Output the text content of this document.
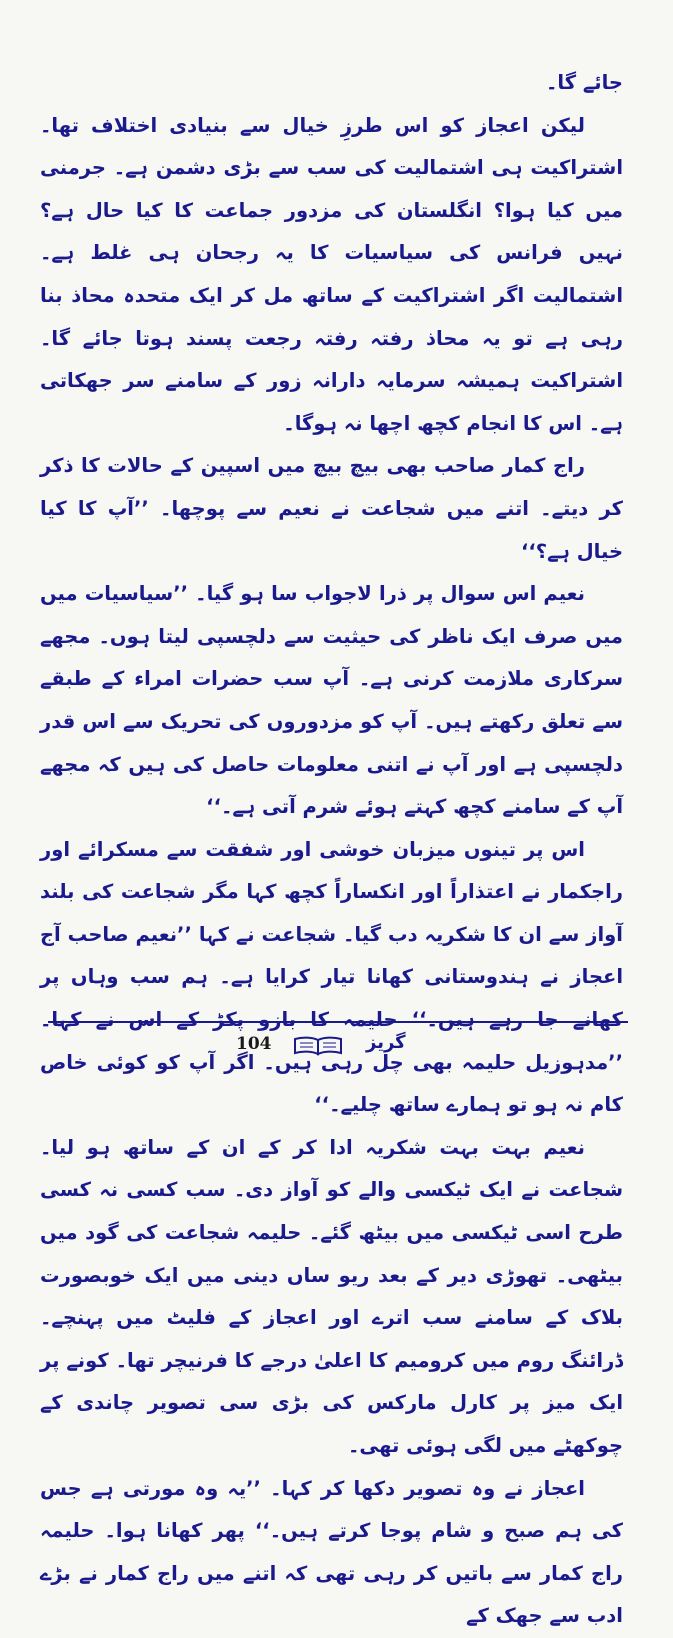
جائے گا۔

لیکن اعجاز کو اس طرزِ خیال سے بنیادی اختلاف تھا۔ اشتراکیت ہی اشتمالیت کی سب سے بڑی دشمن ہے۔ جرمنی میں کیا ہوا؟ انگلستان کی مزدور جماعت کا کیا حال ہے؟ نہیں فرانس کی سیاسیات کا یہ رجحان ہی غلط ہے۔ اشتمالیت اگر اشتراکیت کے ساتھ مل کر ایک متحدہ محاذ بنا رہی ہے تو یہ محاذ رفتہ رفتہ رجعت پسند ہوتا جائے گا۔ اشتراکیت ہمیشہ سرمایہ دارانہ زور کے سامنے سر جھکاتی ہے۔ اس کا انجام کچھ اچھا نہ ہوگا۔

راج کمار صاحب بھی بیچ بیچ میں اسپین کے حالات کا ذکر کر دیتے۔ اتنے میں شجاعت نے نعیم سے پوچھا۔ ’’آپ کا کیا خیال ہے؟‘‘

نعیم اس سوال پر ذرا لاجواب سا ہو گیا۔ ’’سیاسیات میں میں صرف ایک ناظر کی حیثیت سے دلچسپی لیتا ہوں۔ مجھے سرکاری ملازمت کرنی ہے۔ آپ سب حضرات امراء کے طبقے سے تعلق رکھتے ہیں۔ آپ کو مزدوروں کی تحریک سے اس قدر دلچسپی ہے اور آپ نے اتنی معلومات حاصل کی ہیں کہ مجھے آپ کے سامنے کچھ کہتے ہوئے شرم آتی ہے۔‘‘

اس پر تینوں میزبان خوشی اور شفقت سے مسکرائے اور راجکمار نے اعتذاراً اور انکساراً کچھ کہا مگر شجاعت کی بلند آواز سے ان کا شکریہ دب گیا۔ شجاعت نے کہا ’’نعیم صاحب آج اعجاز نے ہندوستانی کھانا تیار کرایا ہے۔ ہم سب وہاں پر کھانے جا رہے ہیں۔‘‘ حلیمہ کا بازو پکڑ کے اس نے کہا۔ ’’مدہوزیل حلیمہ بھی چل رہی ہیں۔ اگر آپ کو کوئی خاص کام نہ ہو تو ہمارے ساتھ چلیے۔‘‘

نعیم بہت بہت شکریہ ادا کر کے ان کے ساتھ ہو لیا۔ شجاعت نے ایک ٹیکسی والے کو آواز دی۔ سب کسی نہ کسی طرح اسی ٹیکسی میں بیٹھ گئے۔ حلیمہ شجاعت کی گود میں بیٹھی۔ تھوڑی دیر کے بعد ریو ساں دینی میں ایک خوبصورت بلاک کے سامنے سب اترے اور اعجاز کے فلیٹ میں پہنچے۔ ڈرائنگ روم میں کرومیم کا اعلیٰ درجے کا فرنیچر تھا۔ کونے پر ایک میز پر کارل مارکس کی بڑی سی تصویر چاندی کے چوکھٹے میں لگی ہوئی تھی۔

اعجاز نے وہ تصویر دکھا کر کہا۔ ’’یہ وہ مورتی ہے جس کی ہم صبح و شام پوجا کرتے ہیں۔‘‘ پھر کھانا ہوا۔ حلیمہ راج کمار سے باتیں کر رہی تھی کہ اتنے میں راج کمار نے بڑے ادب سے جھک کے

104	گریز
